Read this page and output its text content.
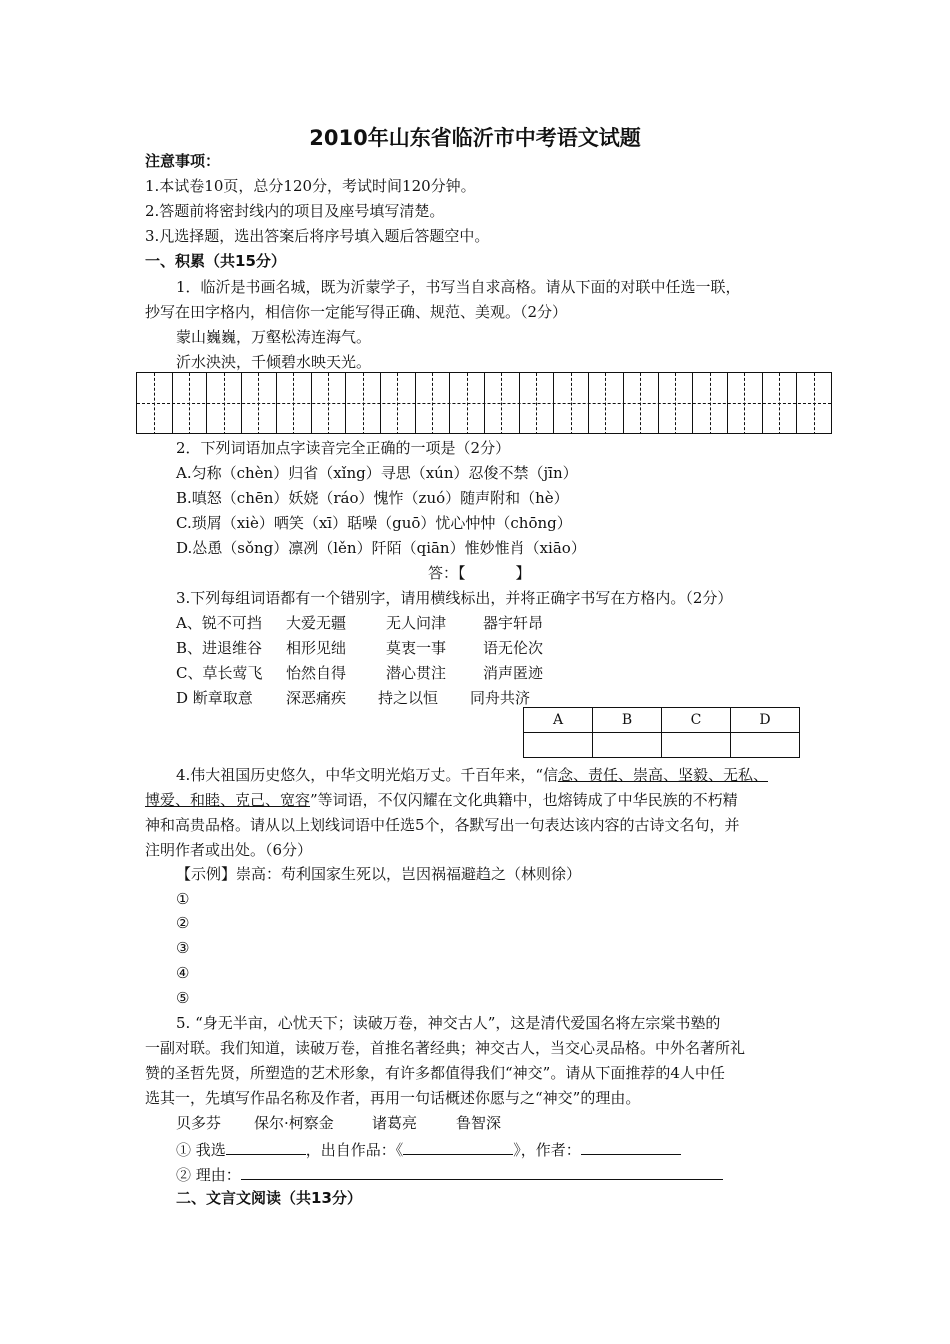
2010年山东省临沂市中考语文试题
注意事项：
1.本试卷10页，总分120分，考试时间120分钟。
2.答题前将密封线内的项目及座号填写清楚。
3.凡选择题，选出答案后将序号填入题后答题空中。
一、积累（共15分）
1．临沂是书画名城，既为沂蒙学子，书写当自求高格。请从下面的对联中任选一联，
抄写在田字格内，相信你一定能写得正确、规范、美观。（2分）
蒙山巍巍，万壑松涛连海气。
沂水泱泱，千倾碧水映天光。
2．下列词语加点字读音完全正确的一项是（2分）
A.匀称（chèn）归省（xǐng）寻思（xún）忍俊不禁（jīn）
B.嗔怒（chēn）妖娆（ráo）愧怍（zuó）随声附和（hè）
C.琐屑（xiè）哂笑（xī）聒噪（guō）忧心忡忡（chōng）
D.怂恿（sǒng）凛冽（lěn）阡陌（qiān）惟妙惟肖（xiāo）
答：【	】
3.下列每组词语都有一个错别字，请用横线标出，并将正确字书写在方格内。（2分）
A、锐不可挡 大爱无疆	无人问津 器宇轩昂
B、进退维谷 相形见绌	莫衷一事 语无伦次
C、草长莺飞 怡然自得	潜心贯注 消声匿迹
D 断章取意 深恶痛疾 持之以恒 同舟共济
A	B	C	D

4.伟大祖国历史悠久，中华文明光焰万丈。千百年来，“信念、责任、崇高、坚毅、无私、
博爱、和睦、克己、宽容”等词语，不仅闪耀在文化典籍中，也熔铸成了中华民族的不朽精
神和高贵品格。请从以上划线词语中任选5个，各默写出一句表达该内容的古诗文名句，并
注明作者或出处。（6分）
【示例】崇高：苟利国家生死以，岂因祸福避趋之（林则徐）
①
②
③
④
⑤
5. “身无半亩，心忧天下；读破万卷，神交古人”，这是清代爱国名将左宗棠书塾的
一副对联。我们知道，读破万卷，首推名著经典；神交古人，当交心灵品格。中外名著所礼
赞的圣哲先贤，所塑造的艺术形象，有许多都值得我们“神交”。请从下面推荐的4人中任
选其一，先填写作品名称及作者，再用一句话概述你愿与之“神交”的理由。
贝多芬 保尔·柯察金	诸葛亮	鲁智深
① 我选	，出自作品：《	》，作者：
② 理由：
二、文言文阅读（共13分）
